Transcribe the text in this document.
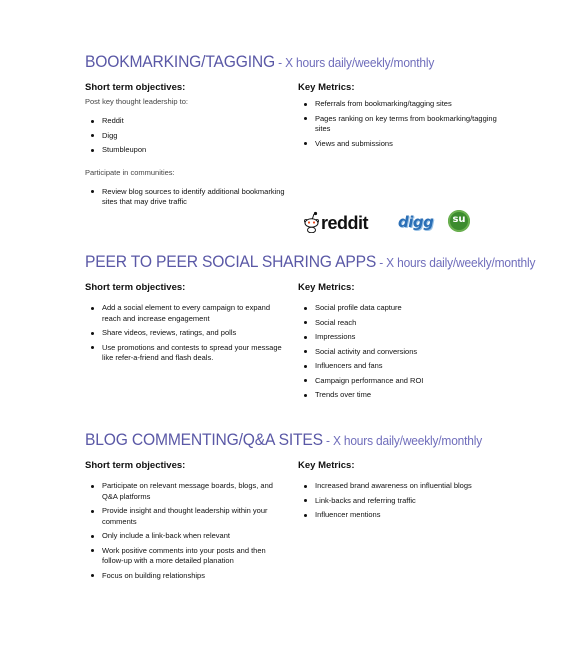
BOOKMARKING/TAGGING - X hours daily/weekly/monthly

Short term objectives:

Post key thought leadership to:

Reddit
Digg
Stumbleupon

Participate in communities:

Review blog sources to identify additional bookmarking sites that may drive traffic

Key Metrics:

Referrals from bookmarking/tagging sites
Pages ranking on key terms from bookmarking/tagging sites
Views and submissions
reddit digg	su
PEER TO PEER SOCIAL SHARING APPS - X hours daily/weekly/monthly

Short term objectives:

Add a social element to every campaign to expand reach and increase engagement
Share videos, reviews, ratings, and polls
Use promotions and contests to spread your message like refer-a-friend and flash deals.

Key Metrics:

Social profile data capture
Social reach
Impressions
Social activity and conversions
Influencers and fans
Campaign performance and ROI
Trends over time
BLOG COMMENTING/Q&A SITES - X hours daily/weekly/monthly

Short term objectives:

Participate on relevant message boards, blogs, and Q&A platforms
Provide insight and thought leadership within your comments
Only include a link-back when relevant
Work positive comments into your posts and then follow-up with a more detailed planation
Focus on building relationships

Key Metrics:

Increased brand awareness on influential blogs
Link-backs and referring traffic
Influencer mentions
